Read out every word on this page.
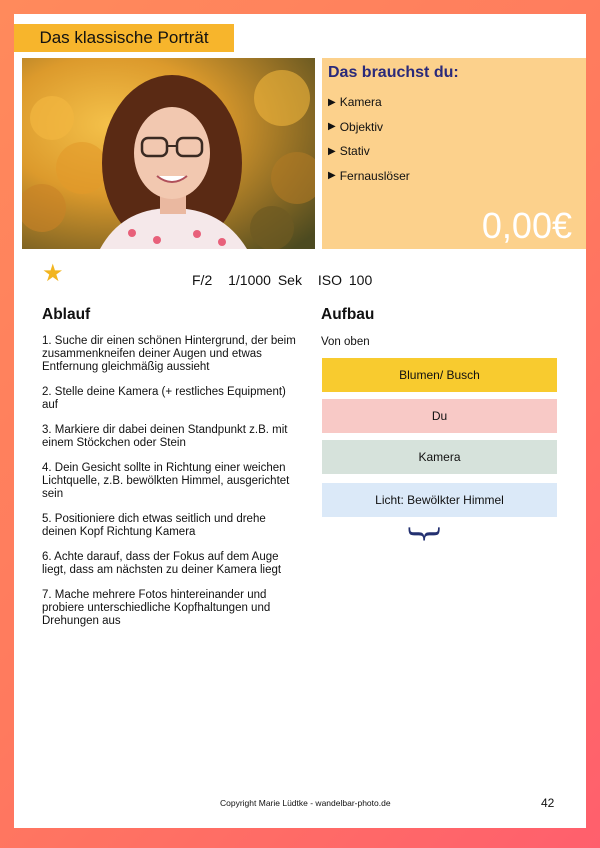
Das klassische Porträt
Das brauchst du:
▶ Kamera
▶ Objektiv
▶ Stativ
▶ Fernauslöser
0,00€
★	F/2 1/1000 Sek ISO 100
Ablauf	Aufbau
1. Suche dir einen schönen Hintergrund, der beim zusammenkneifen deiner Augen und etwas Entfernung gleichmäßig aussieht
2. Stelle deine Kamera (+ restliches Equipment) auf
3. Markiere dir dabei deinen Standpunkt z.B. mit einem Stöckchen oder Stein
4. Dein Gesicht sollte in Richtung einer weichen Lichtquelle, z.B. bewölkten Himmel, ausgerichtet sein
5. Positioniere dich etwas seitlich und drehe deinen Kopf Richtung Kamera
6. Achte darauf, dass der Fokus auf dem Auge liegt, dass am nächsten zu deiner Kamera liegt
7. Mache mehrere Fotos hintereinander und probiere unterschiedliche Kopfhaltungen und Drehungen aus
Von oben
Blumen/ Busch
Du
Kamera
Licht: Bewölkter Himmel
}
Copyright Marie Lüdtke - wandelbar-photo.de	42
